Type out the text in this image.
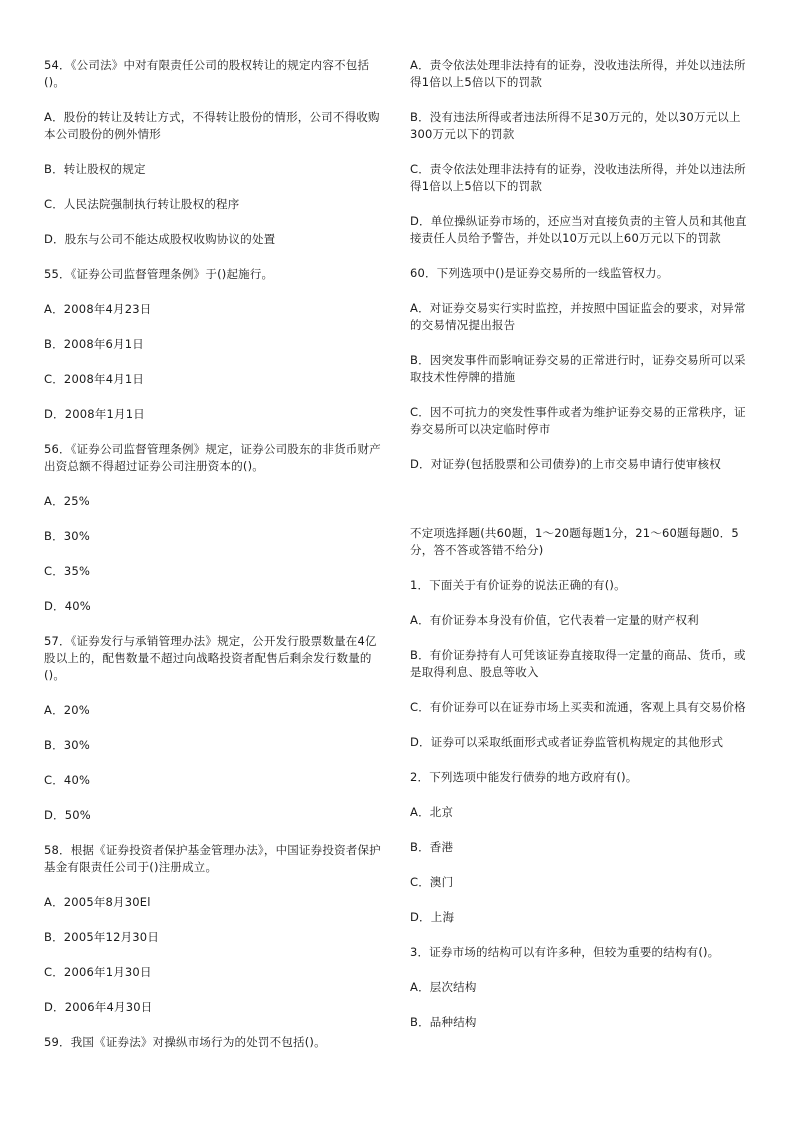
54．《公司法》中对有限责任公司的股权转让的规定内容不包括()。

A．股份的转让及转让方式，不得转让股份的情形，公司不得收购本公司股份的例外情形

B．转让股权的规定

C．人民法院强制执行转让股权的程序

D．股东与公司不能达成股权收购协议的处置

55．《证券公司监督管理条例》于()起施行。

A．2008年4月23日

B．2008年6月1日

C．2008年4月1日

D．2008年1月1日

56．《证券公司监督管理条例》规定，证券公司股东的非货币财产出资总额不得超过证券公司注册资本的()。

A．25%

B．30%

C．35%

D．40%

57．《证券发行与承销管理办法》规定，公开发行股票数量在4亿股以上的，配售数量不超过向战略投资者配售后剩余发行数量的()。

A．20%

B．30%

C．40%

D．50%

58．根据《证券投资者保护基金管理办法》，中国证券投资者保护基金有限责任公司于()注册成立。

A．2005年8月30El

B．2005年12月30日

C．2006年1月30日

D．2006年4月30日

59．我国《证券法》对操纵市场行为的处罚不包括()。

A．责令依法处理非法持有的证券，没收违法所得，并处以违法所得1倍以上5倍以下的罚款

B．没有违法所得或者违法所得不足30万元的，处以30万元以上300万元以下的罚款

C．责令依法处理非法持有的证券，没收违法所得，并处以违法所得1倍以上5倍以下的罚款

D．单位操纵证券市场的，还应当对直接负责的主管人员和其他直接责任人员给予警告，并处以10万元以上60万元以下的罚款

60．下列选项中()是证券交易所的一线监管权力。

A．对证券交易实行实时监控，并按照中国证监会的要求，对异常的交易情况提出报告

B．因突发事件而影响证券交易的正常进行时，证券交易所可以采取技术性停牌的措施

C．因不可抗力的突发性事件或者为维护证券交易的正常秩序，证券交易所可以决定临时停市

D．对证券(包括股票和公司债券)的上市交易申请行使审核权

不定项选择题(共60题，1～20题每题1分，21～60题每题0．5分，答不答或答错不给分)

1．下面关于有价证券的说法正确的有()。

A．有价证券本身没有价值，它代表着一定量的财产权利

B．有价证券持有人可凭该证券直接取得一定量的商品、货币，或是取得利息、股息等收入

C．有价证券可以在证券市场上买卖和流通，客观上具有交易价格

D．证券可以采取纸面形式或者证券监管机构规定的其他形式

2．下列选项中能发行债券的地方政府有()。

A．北京

B．香港

C．澳门

D．上海

3．证券市场的结构可以有许多种，但较为重要的结构有()。

A．层次结构

B．品种结构
